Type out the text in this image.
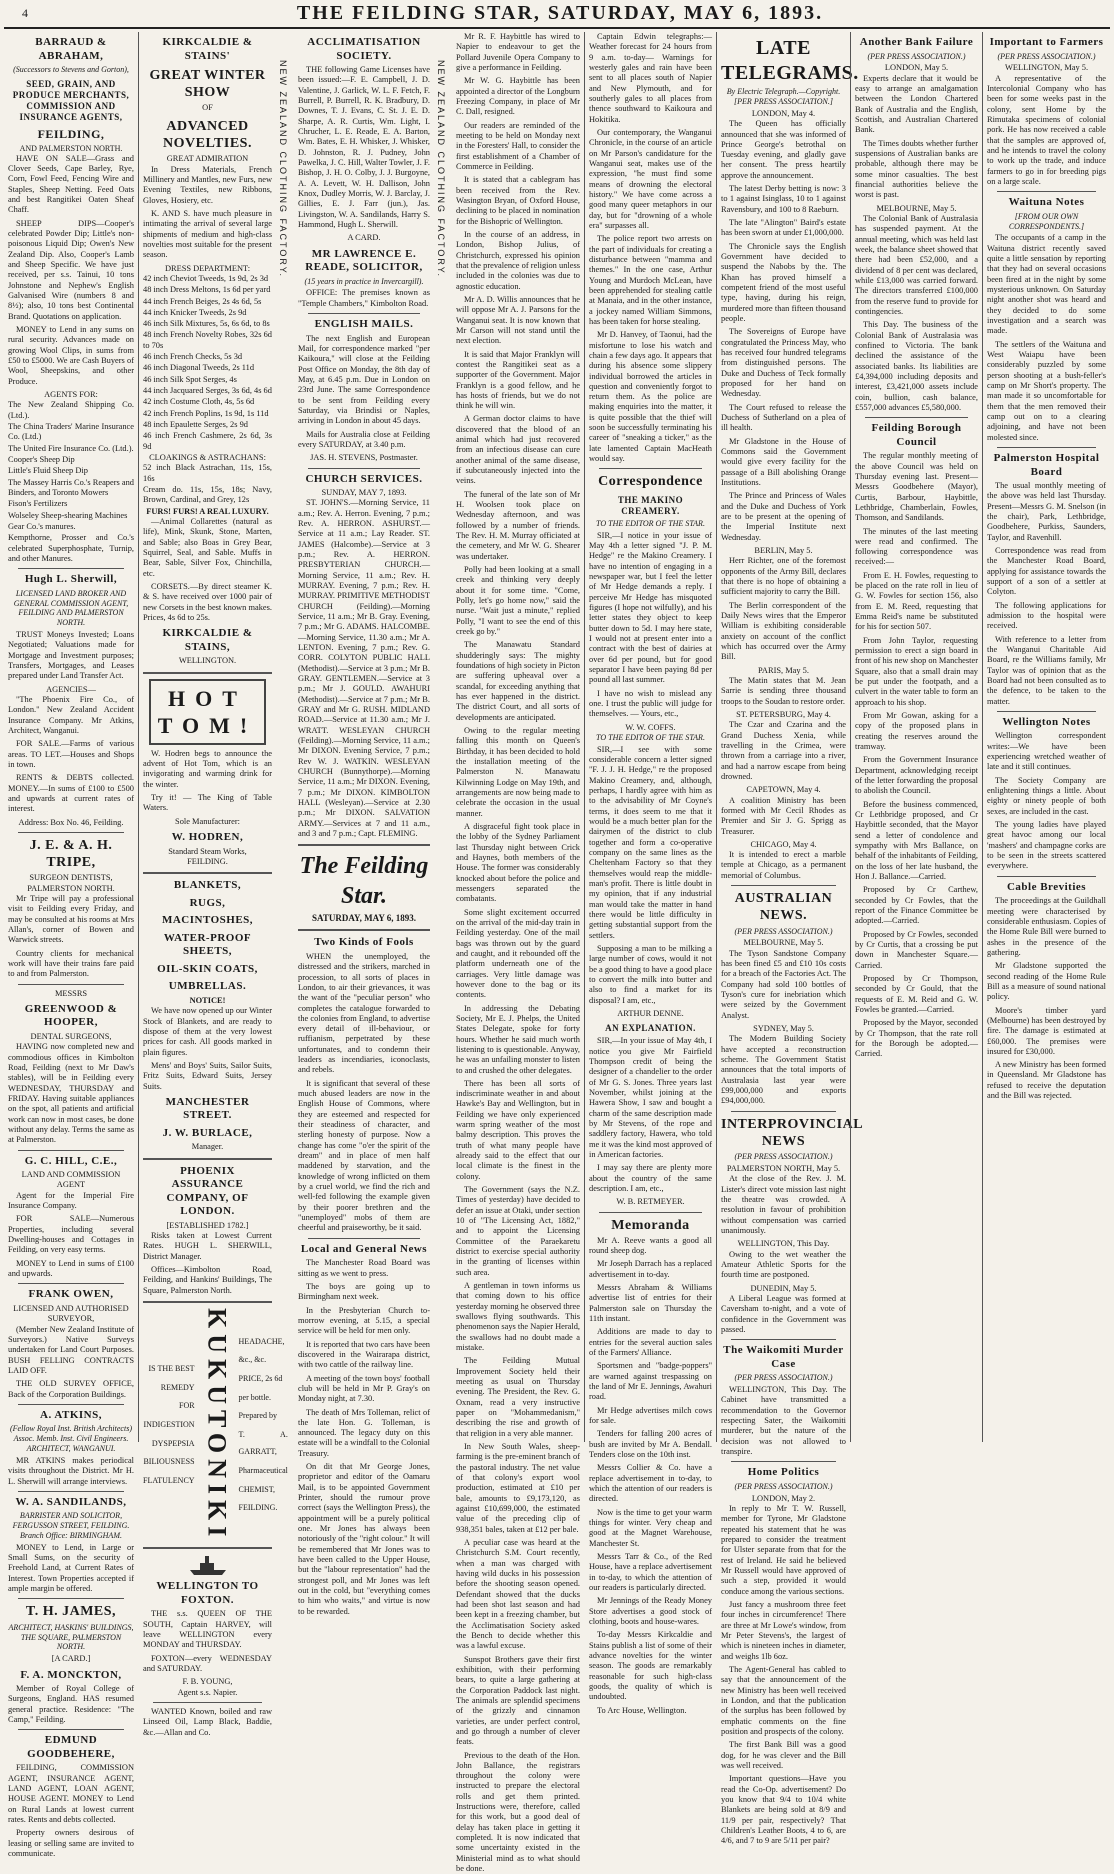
4	THE FEILDING STAR, SATURDAY, MAY 6, 1893.
BARRAUD & ABRAHAM,
(Successors to Stevens and Gorton),
SEED, GRAIN, AND PRODUCE MERCHANTS, COMMISSION AND INSURANCE AGENTS,
FEILDING,
AND PALMERSTON NORTH.

HAVE ON SALE—Grass and Clover Seeds, Cape Barley, Rye, Corn, Fowl Feed, Fencing Wire and Staples, Sheep Netting. Feed Oats and best Rangitikei Oaten Sheaf Chaff.

SHEEP DIPS—Cooper's celebrated Powder Dip; Little's non-poisonous Liquid Dip; Owen's New Zealand Dip. Also, Cooper's Lamb and Sheep Specific. We have just received, per s.s. Tainui, 10 tons Johnstone and Nephew's English Galvanised Wire (numbers 8 and 8½); also, 10 tons best Continental Brand. Quotations on application.

MONEY to Lend in any sums on rural security. Advances made on growing Wool Clips, in sums from £50 to £5000. We are Cash Buyers of Wool, Sheepskins, and other Produce.

AGENTS FOR:
The New Zealand Shipping Co. (Ltd.).
The China Traders' Marine Insurance Co. (Ltd.)
The United Fire Insurance Co. (Ltd.).
Cooper's Sheep Dip
Little's Fluid Sheep Dip
The Massey Harris Co.'s Reapers and Binders, and Toronto Mowers
Fison's Fertilizers
Wolseley Sheep-shearing Machines
Gear Co.'s manures.
Kempthorne, Prosser and Co.'s celebrated Superphosphate, Turnip, and other Manures.
Hugh L. Sherwill,
LICENSED LAND BROKER AND GENERAL COMMISSION AGENT, FEILDING AND PALMERSTON NORTH.

TRUST Moneys Invested; Loans Negotiated; Valuations made for Mortgage and Investment purposes; Transfers, Mortgages, and Leases prepared under Land Transfer Act.

AGENCIES—

"The Phoenix Fire Co., of London." New Zealand Accident Insurance Company. Mr Atkins, Architect, Wanganui.

FOR SALE.—Farms of various areas. TO LET.—Houses and Shops in town.

RENTS & DEBTS collected. MONEY.—In sums of £100 to £500 and upwards at current rates of interest.

Address: Box No. 46, Feilding.
J. E. & A. H. TRIPE,
SURGEON DENTISTS,
PALMERSTON NORTH.

Mr Tripe will pay a professional visit to Feilding every Friday, and may be consulted at his rooms at Mrs Allan's, corner of Bowen and Warwick streets.

Country clients for mechanical work will have their trains fare paid to and from Palmerston.

MESSRS
GREENWOOD & HOOPER,
DENTAL SURGEONS,

HAVING now completed new and commodious offices in Kimbolton Road, Feilding (next to Mr Daw's stables), will be in Feilding every WEDNESDAY, THURSDAY and FRIDAY. Having suitable appliances on the spot, all patients and artificial work can now in most cases, be done without any delay. Terms the same as at Palmerston.

G. C. HILL, C.E.,
LAND AND COMMISSION AGENT

Agent for the Imperial Fire Insurance Company.

FOR SALE—Numerous Properties, including several Dwelling-houses and Cottages in Feilding, on very easy terms.

MONEY to Lend in sums of £100 and upwards.

FRANK OWEN,
LICENSED AND AUTHORISED SURVEYOR,

(Member New Zealand Institute of Surveyors.) Native Surveys undertaken for Land Court Purposes. BUSH FELLING CONTRACTS LAID OFF.

THE OLD SURVEY OFFICE, Back of the Corporation Buildings.

A. ATKINS,
(Fellow Royal Inst. British Architects) Assoc. Memb. Inst. Civil Engineers. ARCHITECT, WANGANUI.

MR ATKINS makes periodical visits throughout the District. Mr H. L. Sherwill will arrange interviews.

W. A. SANDILANDS,
BARRISTER AND SOLICITOR, FERGUSSON STREET, FEILDING. Branch Office: BIRMINGHAM.

MONEY to Lend, in Large or Small Sums, on the security of Freehold Land, at Current Rates of Interest. Town Properties accepted if ample margin be offered.

T. H. JAMES,
ARCHITECT, HASKINS' BUILDINGS, THE SQUARE, PALMERSTON NORTH.
[A CARD.]
F. A. MONCKTON,

Member of Royal College of Surgeons, England. HAS resumed general practice. Residence: "The Camp," Feilding.

EDMUND GOODBEHERE,

FEILDING, COMMISSION AGENT, INSURANCE AGENT, LAND AGENT, LOAN AGENT, HOUSE AGENT. MONEY to Lend on Rural Lands at lowest current rates. Rents and debts collected.

Property owners desirous of leasing or selling same are invited to communicate.

KIRKCALDIE & STAINS'
GREAT WINTER SHOW
OF
ADVANCED NOVELTIES.
GREAT ADMIRATION

In Dress Materials, French Millinery and Mantles, new Furs, new Evening Textiles, new Ribbons, Gloves, Hosiery, etc.

K. AND S. have much pleasure in intimating the arrival of several large shipments of medium and high-class novelties most suitable for the present season.

DRESS DEPARTMENT:
42 inch Cheviot Tweeds, 1s 9d, 2s 3d
48 inch Dress Meltons, 1s 6d per yard
44 inch French Beiges, 2s 4s 6d, 5s
44 inch Knicker Tweeds, 2s 9d
46 inch Silk Mixtures, 5s, 6s 6d, to 8s
48 inch French Novelty Robes, 32s 6d to 70s
46 inch French Checks, 5s 3d
46 inch Diagonal Tweeds, 2s 11d
46 inch Silk Spot Serges, 4s
44 inch Jacquared Serges, 3s 6d, 4s 6d
42 inch Costume Cloth, 4s, 5s 6d
42 inch French Poplins, 1s 9d, 1s 11d
48 inch Epaulette Serges, 2s 9d
46 inch French Cashmere, 2s 6d, 3s 9d
CLOAKINGS & ASTRACHANS:
52 inch Black Astrachan, 11s, 15s, 16s
Cream do. 11s, 15s, 18s; Navy, Brown, Cardinal, and Grey, 12s
FURS! FURS! A REAL LUXURY.

—Animal Collarettes (natural as life), Mink, Skunk, Stone, Marten, and Sable; also Boas in Grey Bear, Squirrel, Seal, and Sable. Muffs in Bear, Sable, Silver Fox, Chinchilla, etc.

CORSETS.—By direct steamer K. & S. have received over 1000 pair of new Corsets in the best known makes. Prices, 4s 6d to 25s.

KIRKCALDIE & STAINS,
WELLINGTON.
HOT TOM!

W. Hodren begs to announce the advent of Hot Tom, which is an invigorating and warming drink for the winter.

Try it! — The King of Table Waters.

Sole Manufacturer:
W. HODREN,
Standard Steam Works,
FEILDING.
BLANKETS,
RUGS,
MACINTOSHES,
WATER-PROOF SHEETS,
OIL-SKIN COATS,
UMBRELLAS.
NOTICE!

We have now opened up our Winter Stock of Blankets, and are ready to dispose of them at the very lowest prices for cash. All goods marked in plain figures.

Mens' and Boys' Suits, Sailor Suits, Fritz Suits, Edward Suits, Jersey Suits.

MANCHESTER STREET.
J. W. BURLACE,
Manager.
PHOENIX ASSURANCE COMPANY, OF LONDON.
[ESTABLISHED 1782.]

Risks taken at Lowest Current Rates. HUGH L. SHERWILL, District Manager.

Offices—Kimbolton Road, Feilding, and Hankins' Buildings, The Square, Palmerston North.

IS THE BEST
REMEDY
FOR
INDIGESTION
DYSPEPSIA
BILIOUSNESS
FLATULENCY KUKUTONIKI HEADACHE,
&c., &c.
PRICE, 2s 6d
per bottle.
Prepared by
T. A. GARRATT,
Pharmaceutical
CHEMIST,
FEILDING.
WELLINGTON TO FOXTON.

THE s.s. QUEEN OF THE SOUTH, Captain HARVEY, will leave WELLINGTON every MONDAY and THURSDAY.

FOXTON—every WEDNESDAY and SATURDAY.

F. B. YOUNG,
Agent s.s. Napier.

WANTED Known, boiled and raw Linseed Oil, Lamp Black, Baddie, &c.—Allan and Co.

NEW ZEALAND CLOTHING FACTORY.
ACCLIMATISATION SOCIETY.

THE following Game Licenses have been issued:—F. E. Campbell, J. D. Valentine, J. Garlick, W. L. F. Fetch, F. Burrell, P. Burrell, R. K. Bradbury, D. Downes, T. J. Evans, C. St. J. E. D. Sharpe, A. R. Curtis, Wm. Light, I. Chrucher, L. E. Reade, E. A. Barton, Wm. Bates, E. H. Whisker, J. Whisker, D. Johnston, R. J. Pudney, John Pawelka, J. C. Hill, Walter Towler, J. F. Bishop, J. H. O. Colby, J. J. Burgoyne, A. A. Levett, W. H. Dallison, John Knox, Dudley Morris, W. J. Barclay, J. Gillies, E. J. Farr (jun.), Jas. Livingston, W. A. Sandilands, Harry S. Hammond, Hugh L. Sherwill.

A CARD.
MR LAWRENCE E. READE, SOLICITOR,
(15 years in practice in Invercargill).

OFFICE: The premises known as "Temple Chambers," Kimbolton Road.

ENGLISH MAILS.

The next English and European Mail, for correspondence marked "per Kaikoura," will close at the Feilding Post Office on Monday, the 8th day of May, at 6.45 p.m. Due in London on 23rd June. The same Correspondence to be sent from Feilding every Saturday, via Brindisi or Naples, arriving in London in about 45 days.

Mails for Australia close at Feilding every SATURDAY, at 3.40 p.m.

JAS. H. STEVENS, Postmaster.
CHURCH SERVICES.
SUNDAY, MAY 7, 1893.

ST. JOHN'S.—Morning Service, 11 a.m.; Rev. A. Herron. Evening, 7 p.m.; Rev. A. HERRON. ASHURST.—Service at 11 a.m.; Lay Reader. ST. JAMES (Halcombe).—Service at 3 p.m.; Rev. A. HERRON. PRESBYTERIAN CHURCH.—Morning Service, 11 a.m.; Rev. H. MURRAY. Evening, 7 p.m.; Rev. H. MURRAY. PRIMITIVE METHODIST CHURCH (Feilding).—Morning Service, 11 a.m.; Mr B. Gray. Evening, 7 p.m.; Mr G. ADAMS. HALCOMBE.—Morning Service, 11.30 a.m.; Mr A. LENTON. Evening, 7 p.m.; Rev. G. CORR. COLYTON PUBLIC HALL (Methodist).—Service at 3 p.m.; Mr B. GRAY. GENTLEMEN.—Service at 3 p.m.; Mr J. GOULD. AWAHURI (Methodist).—Service at 7 p.m.; Mr B. GRAY and Mr G. RUSH. MIDLAND ROAD.—Service at 11.30 a.m.; Mr J. WRATT. WESLEYAN CHURCH (Feilding).—Morning Service, 11 a.m.; Mr DIXON. Evening Service, 7 p.m.; Rev W. J. WATKIN. WESLEYAN CHURCH (Bunnythorpe).—Morning Service, 11 a.m.; Mr DIXON. Evening, 7 p.m.; Mr DIXON. KIMBOLTON HALL (Wesleyan).—Service at 2.30 p.m.; Mr DIXON. SALVATION ARMY.—Services at 7 and 11 a.m., and 3 and 7 p.m.; Capt. FLEMING.

The Feilding Star.
SATURDAY, MAY 6, 1893.
Two Kinds of Fools

WHEN the unemployed, the distressed and the strikers, marched in procession, to all sorts of places in London, to air their grievances, it was the want of the "peculiar person" who completes the catalogue forwarded to the colonies from England, to advertise every detail of ill-behaviour, or ruffianism, perpetrated by these unfortunates, and to condemn their leaders as incendiaries, iconoclasts, and rebels.

It is significant that several of these much abused leaders are now in the English House of Commons, where they are esteemed and respected for their steadiness of character, and sterling honesty of purpose. Now a change has come "o'er the spirit of the dream" and in place of men half maddened by starvation, and the knowledge of wrong inflicted on them by a cruel world, we find the rich and well-fed following the example given by their poorer brethren and the "unemployed" mobs of them are cheerful and praiseworthy, be it said.

Local and General News

The Manchester Road Board was sitting as we went to press.

The boys are going up to Birmingham next week.

In the Presbyterian Church to-morrow evening, at 5.15, a special service will be held for men only.

It is reported that two cars have been discovered in the Wairarapa district, with two cattle of the railway line.

A meeting of the town boys' football club will be held in Mr P. Gray's on Monday night, at 7.30.

The death of Mrs Tolleman, relict of the late Hon. G. Tolleman, is announced. The legacy duty on this estate will be a windfall to the Colonial Treasury.

On dit that Mr George Jones, proprietor and editor of the Oamaru Mail, is to be appointed Government Printer, should the rumour prove correct (says the Wellington Press), the appointment will be a purely political one. Mr Jones has always been notoriously of the "right colour." It will be remembered that Mr Jones was to have been called to the Upper House, but the "labour representation" had the strongest poll, and Mr Jones was left out in the cold, but "everything comes to him who waits," and virtue is now to be rewarded.

NEW ZEALAND CLOTHING FACTORY.

Mr R. F. Haybittle has wired to Napier to endeavour to get the Pollard Juvenile Opera Company to give a performance in Feilding.

Mr W. G. Haybittle has been appointed a director of the Longburn Freezing Company, in place of Mr C. Dall, resigned.

Our readers are reminded of the meeting to be held on Monday next in the Foresters' Hall, to consider the first establishment of a Chamber of Commerce in Feilding.

It is stated that a cablegram has been received from the Rev. Wasington Bryan, of Oxford House, declining to be placed in nomination for the Bishopric of Wellington.

In the course of an address, in London, Bishop Julius, of Christchurch, expressed his opinion that the prevalence of religion unless included in the colonies was due to agnostic education.

Mr A. D. Willis announces that he will oppose Mr A. J. Parsons for the Wanganui seat. It is now known that Mr Carson will not stand until the next election.

It is said that Major Franklyn will contest the Rangitikei seat as a supporter of the Government. Major Franklyn is a good fellow, and he has hosts of friends, but we do not think he will win.

A German doctor claims to have discovered that the blood of an animal which had just recovered from an infectious disease can cure another animal of the same disease, if subcutaneously injected into the veins.

The funeral of the late son of Mr H. Woolsen took place on Wednesday afternoon, and was followed by a number of friends. The Rev. H. M. Murray officiated at the cemetery, and Mr W. G. Shearer was undertaker.

Polly had been looking at a small creek and thinking very deeply about it for some time. "Come, Polly, let's go home now," said the nurse. "Wait just a minute," replied Polly, "I want to see the end of this creek go by."

The Manawatu Standard shudderingly says: The mighty foundations of high society in Picton are suffering upheaval over a scandal, for exceeding anything that has ever happened in the district. The district Court, and all sorts of developments are anticipated.

Owing to the regular meeting falling this month on Queen's Birthday, it has been decided to hold the installation meeting of the Palmerston N. Manawatu Kilwinning Lodge on May 19th, and arrangements are now being made to celebrate the occasion in the usual manner.

A disgraceful fight took place in the lobby of the Sydney Parliament last Thursday night between Crick and Haynes, both members of the House. The former was considerably knocked about before the police and messengers separated the combatants.

Some slight excitement occurred on the arrival of the mid-day train in Feilding yesterday. One of the mail bags was thrown out by the guard and caught, and it rebounded off the platform underneath one of the carriages. Very little damage was however done to the bag or its contents.

In addressing the Debating Society, Mr E. J. Phelps, the United States Delegate, spoke for forty hours. Whether he said much worth listening to is questionable. Anyway, he was an unfailing monster to listen to and crushed the other delegates.

There has been all sorts of indiscriminate weather in and about Hawke's Bay and Wellington, but in Feilding we have only experienced warm spring weather of the most balmy description. This proves the truth of what many people have already said to the effect that our local climate is the finest in the colony.

The Government (says the N.Z. Times of yesterday) have decided to defer an issue at Otaki, under section 10 of "The Licensing Act, 1882," and to appoint the Licensing Committee of the Paraekaretu district to exercise special authority in the granting of licenses within such area.

A gentleman in town informs us that coming down to his office yesterday morning he observed three swallows flying southwards. This phenomenon says the Napier Herald, the swallows had no doubt made a mistake.

The Feilding Mutual Improvement Society held their meeting as usual on Thursday evening. The President, the Rev. G. Oxnam, read a very instructive paper on "Mohammedanism," describing the rise and growth of that religion in a very able manner.

In New South Wales, sheep-farming is the pre-eminent branch of the pastoral industry. The net value of that colony's export wool production, estimated at £10 per bale, amounts to £9,173,120, as against £10,699,000, the estimated value of the preceding clip of 938,351 bales, taken at £12 per bale.

A peculiar case was heard at the Christchurch S.M. Court recently, when a man was charged with having wild ducks in his possession before the shooting season opened. Defendant showed that the ducks had been shot last season and had been kept in a freezing chamber, but the Acclimatisation Society asked the Bench to decide whether this was a lawful excuse.

Sunspot Brothers gave their first exhibition, with their performing bears, to quite a large gathering at the Corporation Paddock last night. The animals are splendid specimens of the grizzly and cinnamon varieties, are under perfect control, and go through a number of clever feats.

Previous to the death of the Hon. John Ballance, the registrars throughout the colony were instructed to prepare the electoral rolls and get them printed. Instructions were, therefore, called for this work, but a good deal of delay has taken place in getting it completed. It is now indicated that some uncertainty existed in the Ministerial mind as to what should be done.

Captain Edwin telegraphs:—Weather forecast for 24 hours from 9 a.m. to-day— Warnings for westerly gales and rain have been sent to all places south of Napier and New Plymouth, and for southerly gales to all places from thence southward to Kaikoura and Hokitika.

Our contemporary, the Wanganui Chronicle, in the course of an article on Mr Parson's candidature for the Wanganui seat, makes use of the expression, "he must find some means of drowning the electoral history." We have come across a good many queer metaphors in our day, but for "drowning of a whole era" surpasses all.

The police report two arrests on the part of individuals for creating a disturbance between "mamma and themes." In the one case, Arthur Young and Murdoch McLean, have been apprehended for stealing cattle at Manaia, and in the other instance, a jockey named William Simmons, has been taken for horse stealing.

Mr D. Hanvey, of Taonui, had the misfortune to lose his watch and chain a few days ago. It appears that during his absence some slippery individual borrowed the articles in question and conveniently forgot to return them. As the police are making enquiries into the matter, it is quite possible that the thief will soon be successfully terminating his career of "sneaking a ticker," as the late lamented Captain MacHeath would say.

Correspondence
THE MAKINO CREAMERY.
TO THE EDITOR OF THE STAR.

SIR,—I notice in your issue of May 4th a letter signed "J. P. M. Hedge" re the Makino Creamery. I have no intention of engaging in a newspaper war, but I feel the letter of Mr Hedge demands a reply. I perceive Mr Hedge has misquoted figures (I hope not wilfully), and his letter states they object to keep butter down to 5d. I may here state, I would not at present enter into a contract with the best of dairies at over 6d per pound, but for good separator I have been paying 8d per pound all last summer.

I have no wish to mislead any one. I trust the public will judge for themselves. — Yours, etc.,

W. W. COFFS.
TO THE EDITOR OF THE STAR.

SIR,—I see with some considerable concern a letter signed "F. J. J. H. Hedge," re the proposed Makino Creamery, and, although, perhaps, I hardly agree with him as to the advisability of Mr Coyne's terms, it does seem to me that it would be a much better plan for the dairymen of the district to club together and form a co-operative company on the same lines as the Cheltenham Factory so that they themselves would reap the middle-man's profit. There is little doubt in my opinion, that if any industrial man would take the matter in hand there would be little difficulty in getting substantial support from the settlers.

Supposing a man to be milking a large number of cows, would it not be a good thing to have a good place to convert the milk into butter and also to find a market for its disposal? I am, etc.,

ARTHUR DENNE.
AN EXPLANATION.

SIR,—In your issue of May 4th, I notice you give Mr Fairfield Thompson credit of being the designer of a chandelier to the order of Mr G. S. Jones. Three years last November, whilst joining at the Hawera Show, I saw and bought a charm of the same description made by Mr Stevens, of the rope and saddlery factory, Hawera, who told me it was the kind most approved of in American factories.

I may say there are plenty more about the country of the same description. I am, etc.,

W. B. RETMEYER.
Memoranda

Mr A. Reeve wants a good all round sheep dog.

Mr Joseph Darrach has a replaced advertisement in to-day.

Messrs Abraham & Williams advertise list of entries for their Palmerston sale on Thursday the 11th instant.

Additions are made to day to entries for the several auction sales of the Farmers' Alliance.

Sportsmen and "badge-poppers" are warned against trespassing on the land of Mr E. Jennings, Awahuri road.

Mr Hedge advertises milch cows for sale.

Tenders for falling 200 acres of bush are invited by Mr A. Bendall. Tenders close on the 10th inst.

Messrs Collier & Co. have a replace advertisement in to-day, to which the attention of our readers is directed.

Now is the time to get your warm things for winter. Very cheap and good at the Magnet Warehouse, Manchester St.

Messrs Tarr & Co., of the Red House, have a replace advertisement in to-day, to which the attention of our readers is particularly directed.

Mr Jennings of the Ready Money Store advertises a good stock of clothing, boots and house-wares.

To-day Messrs Kirkcaldie and Stains publish a list of some of their advance novelties for the winter season. The goods are remarkably reasonable for such high-class goods, the quality of which is undoubted.

To Arc House, Wellington.

LATE TELEGRAMS.
By Electric Telegraph.—Copyright. [PER PRESS ASSOCIATION.]
LONDON, May 4.

The Queen has officially announced that she was informed of Prince George's betrothal on Tuesday evening, and gladly gave her consent. The press heartily approve the announcement.

The latest Derby betting is now: 3 to 1 against Isinglass, 10 to 1 against Ravensbury, and 100 to 8 Raeburn.

The late "Alington" Baird's estate has been sworn at under £1,000,000.

The Chronicle says the English Government have decided to suspend the Nabobs by the. The Khan has proved himself a competent friend of the most useful type, having, during his reign, murdered more than fifteen thousand people.

The Sovereigns of Europe have congratulated the Princess May, who has received four hundred telegrams from distinguished persons. The Duke and Duchess of Teck formally proposed for her hand on Wednesday.

The Court refused to release the Duchess of Sutherland on a plea of ill health.

Mr Gladstone in the House of Commons said the Government would give every facility for the passage of a Bill abolishing Orange Institutions.

The Prince and Princess of Wales and the Duke and Duchess of York are to be present at the opening of the Imperial Institute next Wednesday.

BERLIN, May 5.

Herr Richter, one of the foremost opponents of the Army Bill, declares that there is no hope of obtaining a sufficient majority to carry the Bill.

The Berlin correspondent of the Daily News wires that the Emperor William is exhibiting considerable anxiety on account of the conflict which has occurred over the Army Bill.

PARIS, May 5.

The Matin states that M. Jean Sarrie is sending three thousand troops to the Soudan to restore order.

ST. PETERSBURG, May 4.

The Czar and Czarina and the Grand Duchess Xenia, while travelling in the Crimea, were thrown from a carriage into a river, and had a narrow escape from being drowned.

CAPETOWN, May 4.

A coalition Ministry has been formed with Mr Cecil Rhodes as Premier and Sir J. G. Sprigg as Treasurer.

CHICAGO, May 4.

It is intended to erect a marble temple at Chicago, as a permanent memorial of Columbus.

AUSTRALIAN NEWS.
(PER PRESS ASSOCIATION.)
MELBOURNE, May 5.

The Tyson Sandstone Company has been fined £5 and £10 10s costs for a breach of the Factories Act. The Company had sold 100 bottles of Tyson's cure for inebriation which were seized by the Government Analyst.

SYDNEY, May 5.

The Modern Building Society have accepted a reconstruction scheme. The Government Statist announces that the total imports of Australasia last year were £99,000,000 and exports £94,000,000.

INTERPROVINCIAL NEWS
(PER PRESS ASSOCIATION.)
PALMERSTON NORTH, May 5.

At the close of the Rev. J. M. Lister's direct vote mission last night the theatre was crowded. A resolution in favour of prohibition without compensation was carried unanimously.

WELLINGTON, This Day.

Owing to the wet weather the Amateur Athletic Sports for the fourth time are postponed.

DUNEDIN, May 5.

A Liberal League was formed at Caversham to-night, and a vote of confidence in the Government was passed.

The Waikomiti Murder Case
(PER PRESS ASSOCIATION.)

WELLINGTON, This Day. The Cabinet have transmitted a recommendation to the Governor respecting Sater, the Waikomiti murderer, but the nature of the decision was not allowed to transpire.

Home Politics
(PER PRESS ASSOCIATION.)
LONDON, May 2.

In reply to Mr T. W. Russell, member for Tyrone, Mr Gladstone repeated his statement that he was prepared to consider the treatment for Ulster separate from that for the rest of Ireland. He said he believed Mr Russell would have approved of such a step, provided it would conduce among the various sections.

Just fancy a mushroom three feet four inches in circumference! There are three at Mr Lowe's window, from Mr Peter Stevens's, the largest of which is nineteen inches in diameter, and weighs 1lb 6oz.

The Agent-General has cabled to say that the announcement of the new Ministry has been well received in London, and that the publication of the surplus has been followed by emphatic comments on the fine position and prospects of the colony.

The first Bank Bill was a good dog, for he was clever and the Bill was well received.

Important questions—Have you read the Co-Op. advertisement? Do you know that 9/4 to 10/4 white Blankets are being sold at 8/9 and 11/9 per pair, respectively? That Children's Leather Boots, 4 to 6, are 4/6, and 7 to 9 are 5/11 per pair?

Another Bank Failure
(PER PRESS ASSOCIATION.)
LONDON, May 5.

Experts declare that it would be easy to arrange an amalgamation between the London Chartered Bank of Australia and the English, Scottish, and Australian Chartered Bank.

The Times doubts whether further suspensions of Australian banks are probable, although there may be some minor casualties. The best financial authorities believe the worst is past.

MELBOURNE, May 5.

The Colonial Bank of Australasia has suspended payment. At the annual meeting, which was held last week, the balance sheet showed that there had been £52,000, and a dividend of 8 per cent was declared, while £13,000 was carried forward. The directors transferred £100,000 from the reserve fund to provide for contingencies.

This Day. The business of the Colonial Bank of Australasia was confined to Victoria. The bank declined the assistance of the associated banks. Its liabilities are £4,394,000 including deposits and interest, £3,421,000 assets include coin, bullion, cash balance, £557,000 advances £5,580,000.

Feilding Borough Council

The regular monthly meeting of the above Council was held on Thursday evening last. Present—Messrs Goodbehere (Mayor), Curtis, Barbour, Haybittle, Lethbridge, Chamberlain, Fowles, Thomson, and Sandilands.

The minutes of the last meeting were read and confirmed. The following correspondence was received:—

From E. H. Fowles, requesting to be placed on the rate roll in lieu of G. W. Fowles for section 156, also from E. M. Reed, requesting that Emma Reid's name be substituted for his for section 507.

From John Taylor, requesting permission to erect a sign board in front of his new shop on Manchester Square, also that a small drain may be put under the footpath, and a culvert in the water table to form an approach to his shop.

From Mr Gowan, asking for a copy of the proposed plans in creating the reserves around the tramway.

From the Government Insurance Department, acknowledging receipt of the letter forwarding the proposal to abolish the Council.

Before the business commenced, Cr Lethbridge proposed, and Cr Haybittle seconded, that the Mayor send a letter of condolence and sympathy with Mrs Ballance, on behalf of the inhabitants of Feilding, on the loss of her late husband, the Hon J. Ballance.—Carried.

Proposed by Cr Carthew, seconded by Cr Fowles, that the report of the Finance Committee be adopted.—Carried.

Proposed by Cr Fowles, seconded by Cr Curtis, that a crossing be put down in Manchester Square.—Carried.

Proposed by Cr Thompson, seconded by Cr Gould, that the requests of E. M. Reid and G. W. Fowles be granted.—Carried.

Proposed by the Mayor, seconded by Cr Thompson, that the rate roll for the Borough be adopted.—Carried.

Important to Farmers
(PER PRESS ASSOCIATION.)
WELLINGTON, May 5.

A representative of the Intercolonial Company who has been for some weeks past in the colony, sent Home by the Rimutaka specimens of colonial pork. He has now received a cable that the samples are approved of, and he intends to travel the colony to work up the trade, and induce farmers to go in for breeding pigs on a large scale.

Waituna Notes
[FROM OUR OWN CORRESPONDENTS.]

The occupants of a camp in the Waituna district recently saved quite a little sensation by reporting that they had on several occasions been fired at in the night by some mysterious unknown. On Saturday night another shot was heard and they decided to do some investigation and a search was made.

The settlers of the Waituna and West Waiapu have been considerably puzzled by some person shooting at a bush-feller's camp on Mr Short's property. The man made it so uncomfortable for them that the men removed their camp out on to a clearing adjoining, and have not been molested since.

Palmerston Hospital Board

The usual monthly meeting of the above was held last Thursday. Present—Messrs G. M. Snelson (in the chair), Park, Lethbridge, Goodbehere, Purkiss, Saunders, Taylor, and Ravenhill.

Correspondence was read from the Manchester Road Board, applying for assistance towards the support of a son of a settler at Colyton.

The following applications for admission to the hospital were received.

With reference to a letter from the Wanganui Charitable Aid Board, re the Williams family, Mr Taylor was of opinion that as the Board had not been consulted as to the defence, to be taken to the matter.

Wellington Notes

Wellington correspondent writes:—We have been experiencing wretched weather of late and it still continues.

The Society Company are enlightening things a little. About eighty or ninety people of both sexes, are included in the cast.

The young ladies have played great havoc among our local 'mashers' and champagne corks are to be seen in the streets scattered everywhere.

Cable Brevities

The proceedings at the Guildhall meeting were characterised by considerable enthusiasm. Copies of the Home Rule Bill were burned to ashes in the presence of the gathering.

Mr Gladstone supported the second reading of the Home Rule Bill as a measure of sound national policy.

Moore's timber yard (Melbourne) has been destroyed by fire. The damage is estimated at £60,000. The premises were insured for £30,000.

A new Ministry has been formed in Queensland. Mr Gladstone has refused to receive the deputation and the Bill was rejected.
